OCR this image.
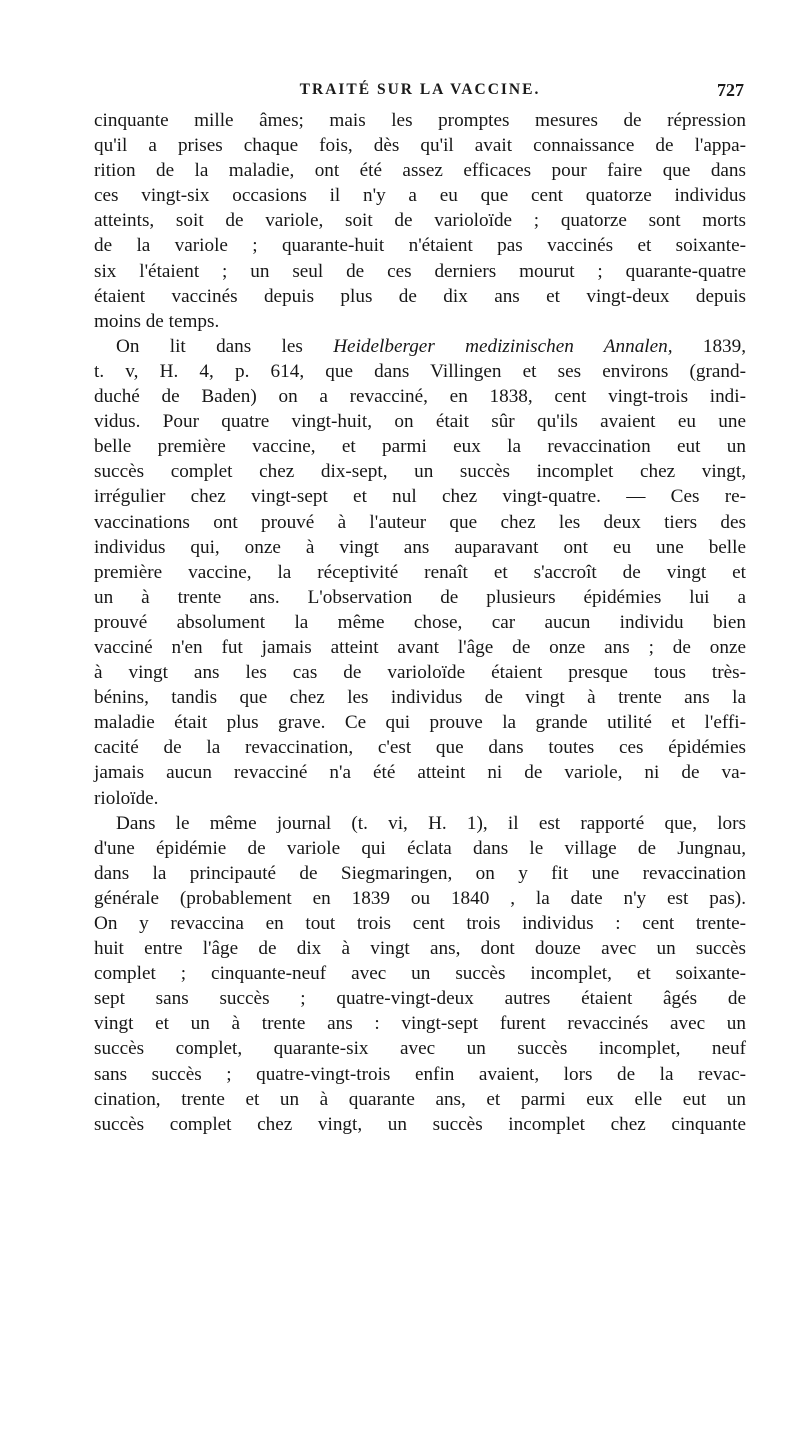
TRAITÉ SUR LA VACCINE.	727
cinquante mille âmes; mais les promptes mesures de répression
qu'il a prises chaque fois, dès qu'il avait connaissance de l'appa-
rition de la maladie, ont été assez efficaces pour faire que dans
ces vingt-six occasions il n'y a eu que cent quatorze individus
atteints, soit de variole, soit de varioloïde ; quatorze sont morts
de la variole ; quarante-huit n'étaient pas vaccinés et soixante-
six l'étaient ; un seul de ces derniers mourut ; quarante-quatre
étaient vaccinés depuis plus de dix ans et vingt-deux depuis
moins de temps.
On lit dans les Heidelberger medizinischen Annalen, 1839,
t. v, H. 4, p. 614, que dans Villingen et ses environs (grand-
duché de Baden) on a revacciné, en 1838, cent vingt-trois indi-
vidus. Pour quatre vingt-huit, on était sûr qu'ils avaient eu une
belle première vaccine, et parmi eux la revaccination eut un
succès complet chez dix-sept, un succès incomplet chez vingt,
irrégulier chez vingt-sept et nul chez vingt-quatre. — Ces re-
vaccinations ont prouvé à l'auteur que chez les deux tiers des
individus qui, onze à vingt ans auparavant ont eu une belle
première vaccine, la réceptivité renaît et s'accroît de vingt et
un à trente ans. L'observation de plusieurs épidémies lui a
prouvé absolument la même chose, car aucun individu bien
vacciné n'en fut jamais atteint avant l'âge de onze ans ; de onze
à vingt ans les cas de varioloïde étaient presque tous très-
bénins, tandis que chez les individus de vingt à trente ans la
maladie était plus grave. Ce qui prouve la grande utilité et l'effi-
cacité de la revaccination, c'est que dans toutes ces épidémies
jamais aucun revacciné n'a été atteint ni de variole, ni de va-
rioloïde.
Dans le même journal (t. vi, H. 1), il est rapporté que, lors
d'une épidémie de variole qui éclata dans le village de Jungnau,
dans la principauté de Siegmaringen, on y fit une revaccination
générale (probablement en 1839 ou 1840 , la date n'y est pas).
On y revaccina en tout trois cent trois individus : cent trente-
huit entre l'âge de dix à vingt ans, dont douze avec un succès
complet ; cinquante-neuf avec un succès incomplet, et soixante-
sept sans succès ; quatre-vingt-deux autres étaient âgés de
vingt et un à trente ans : vingt-sept furent revaccinés avec un
succès complet, quarante-six avec un succès incomplet, neuf
sans succès ; quatre-vingt-trois enfin avaient, lors de la revac-
cination, trente et un à quarante ans, et parmi eux elle eut un
succès complet chez vingt, un succès incomplet chez cinquante
